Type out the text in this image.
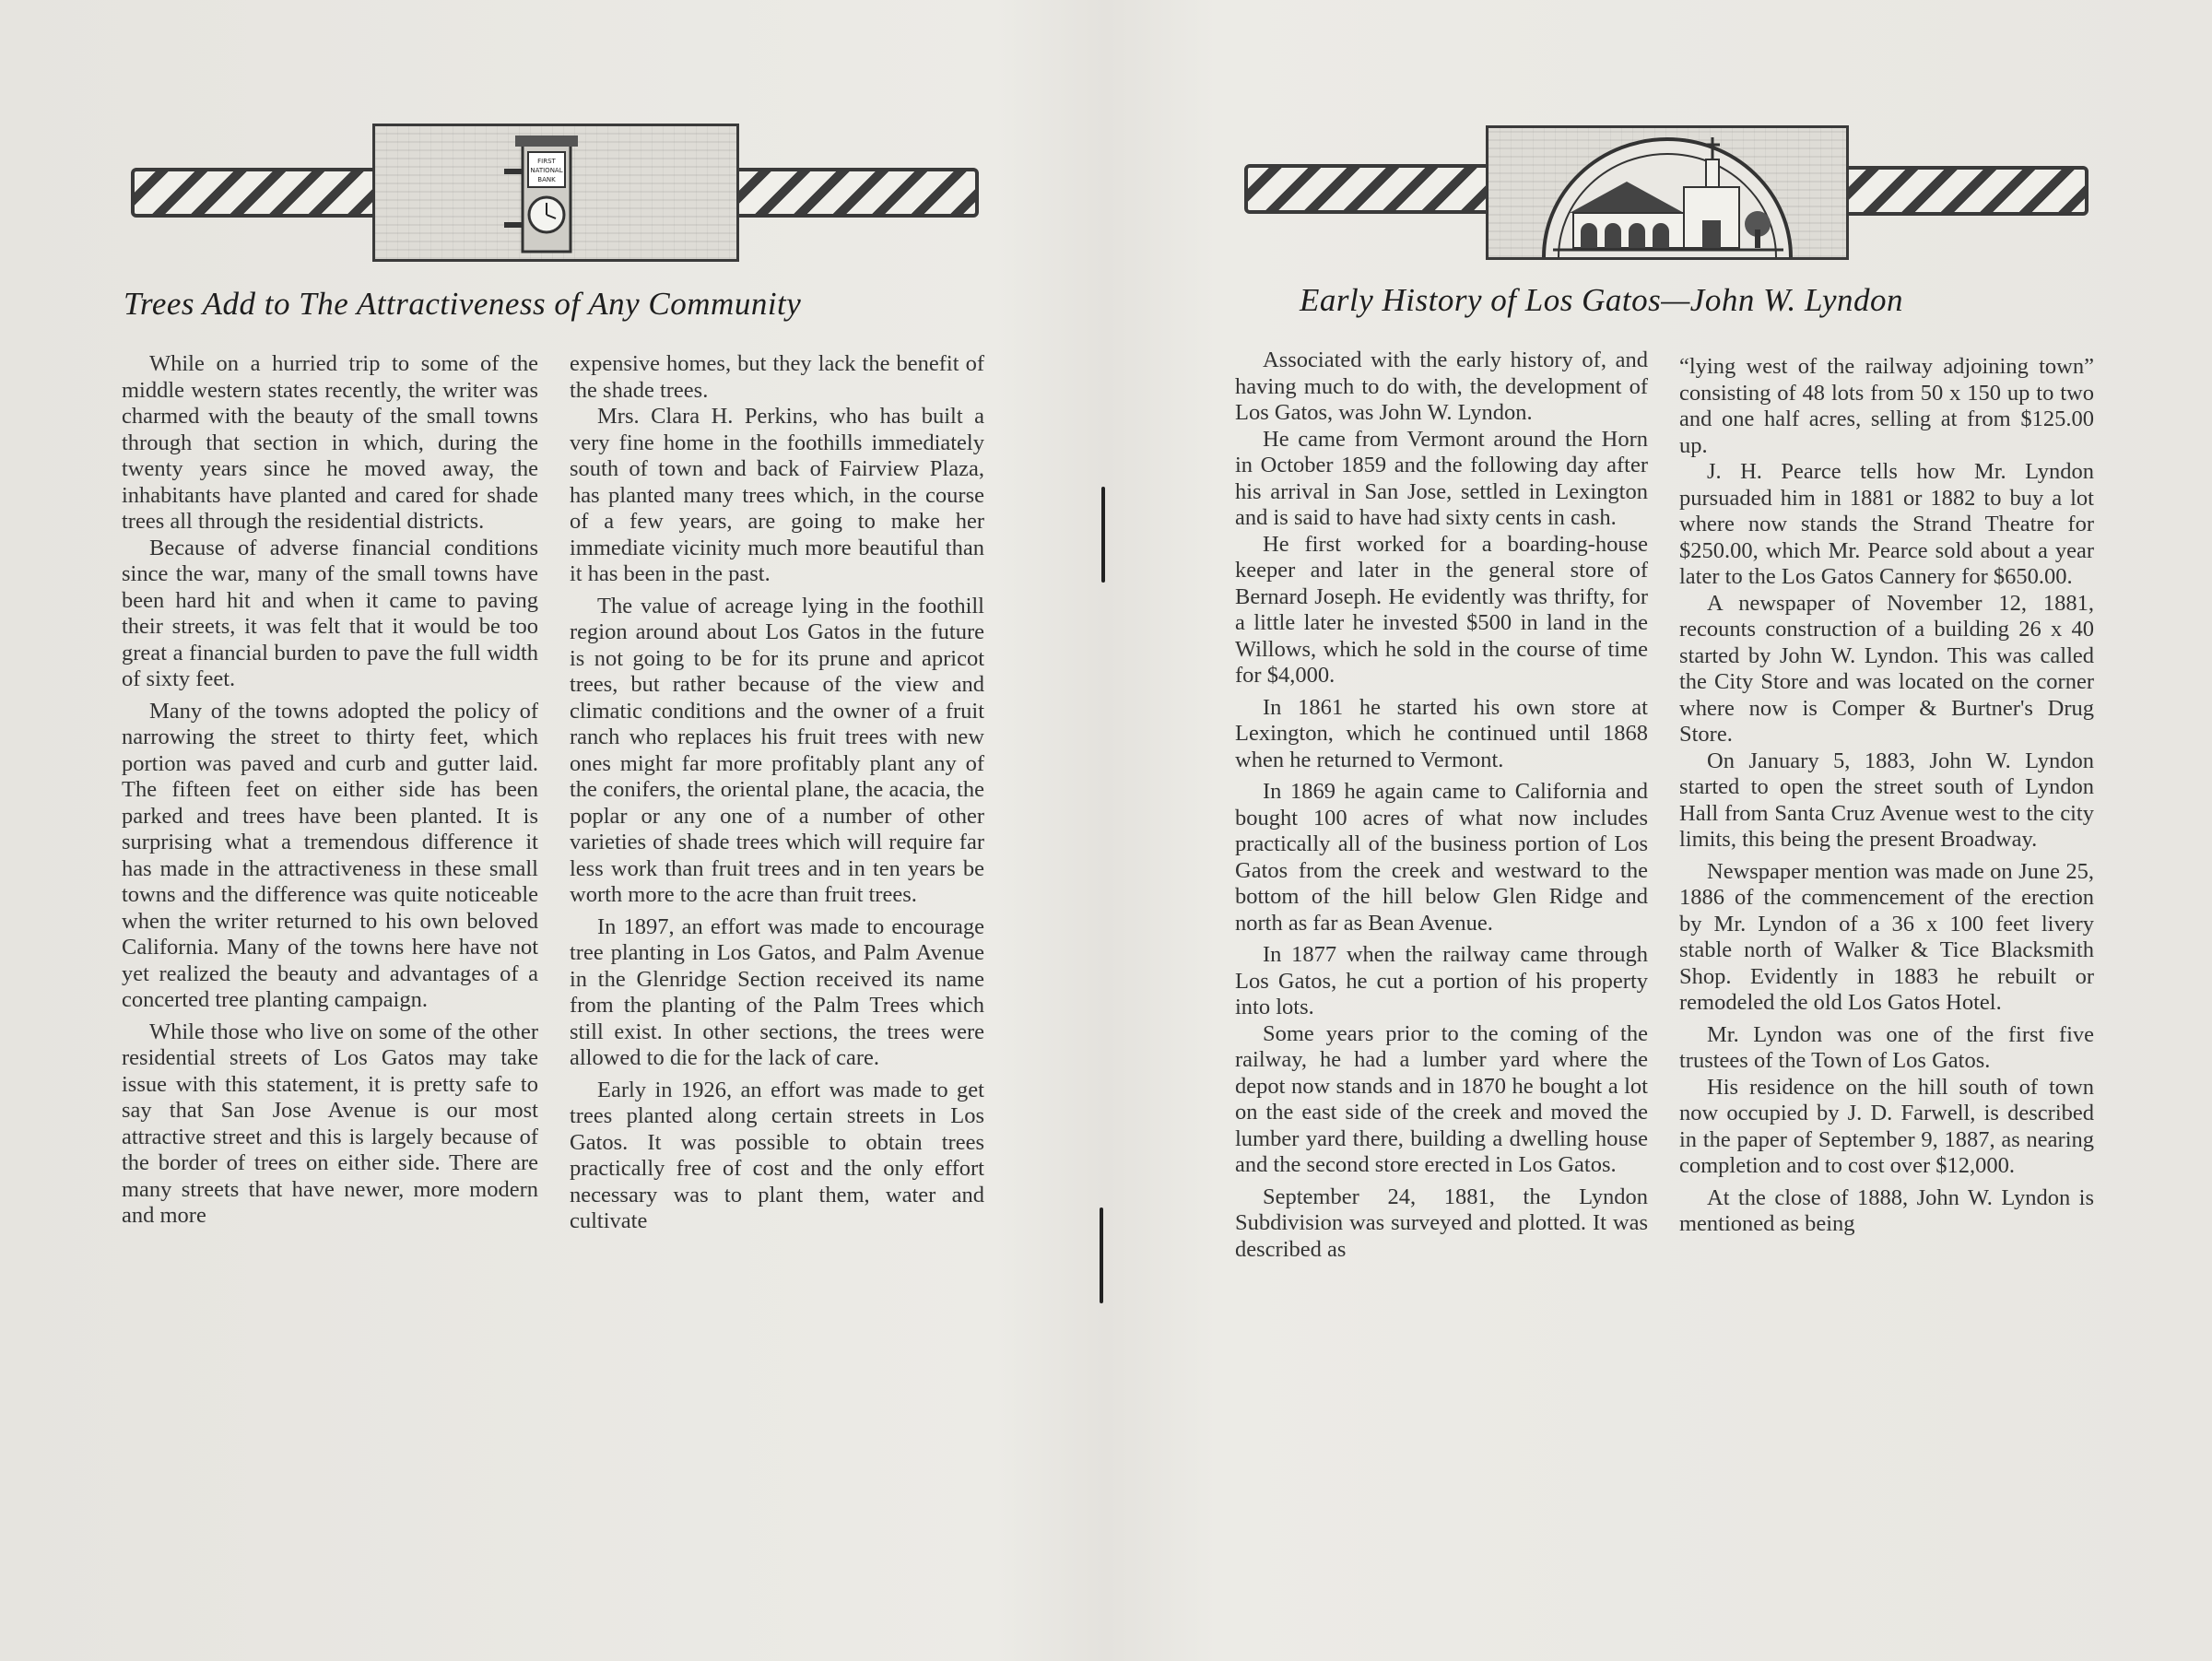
FIRST
NATIONAL
BANK
Trees Add to The Attractiveness of Any Community

While on a hurried trip to some of the middle western states recently, the writer was charmed with the beauty of the small towns through that section in which, during the twenty years since he moved away, the inhabitants have planted and cared for shade trees all through the residential districts.

Because of adverse financial conditions since the war, many of the small towns have been hard hit and when it came to paving their streets, it was felt that it would be too great a financial burden to pave the full width of sixty feet.

Many of the towns adopted the policy of narrowing the street to thirty feet, which portion was paved and curb and gutter laid. The fifteen feet on either side has been parked and trees have been planted. It is surprising what a tremendous difference it has made in the attractiveness in these small towns and the difference was quite noticeable when the writer returned to his own beloved California. Many of the towns here have not yet realized the beauty and advantages of a concerted tree planting campaign.

While those who live on some of the other residential streets of Los Gatos may take issue with this statement, it is pretty safe to say that San Jose Avenue is our most attractive street and this is largely because of the border of trees on either side. There are many streets that have newer, more modern and more

expensive homes, but they lack the benefit of the shade trees.

Mrs. Clara H. Perkins, who has built a very fine home in the foothills immediately south of town and back of Fairview Plaza, has planted many trees which, in the course of a few years, are going to make her immediate vicinity much more beautiful than it has been in the past.

The value of acreage lying in the foothill region around about Los Gatos in the future is not going to be for its prune and apricot trees, but rather because of the view and climatic conditions and the owner of a fruit ranch who replaces his fruit trees with new ones might far more profitably plant any of the conifers, the oriental plane, the acacia, the poplar or any one of a number of other varieties of shade trees which will require far less work than fruit trees and in ten years be worth more to the acre than fruit trees.

In 1897, an effort was made to encourage tree planting in Los Gatos, and Palm Avenue in the Glenridge Section received its name from the planting of the Palm Trees which still exist. In other sections, the trees were allowed to die for the lack of care.

Early in 1926, an effort was made to get trees planted along certain streets in Los Gatos. It was possible to obtain trees practically free of cost and the only effort necessary was to plant them, water and cultivate

Early History of Los Gatos—John W. Lyndon

Associated with the early history of, and having much to do with, the development of Los Gatos, was John W. Lyndon.

He came from Vermont around the Horn in October 1859 and the following day after his arrival in San Jose, settled in Lexington and is said to have had sixty cents in cash.

He first worked for a boarding-house keeper and later in the general store of Bernard Joseph. He evidently was thrifty, for a little later he invested $500 in land in the Willows, which he sold in the course of time for $4,000.

In 1861 he started his own store at Lexington, which he continued until 1868 when he returned to Vermont.

In 1869 he again came to California and bought 100 acres of what now includes practically all of the business portion of Los Gatos from the creek and westward to the bottom of the hill below Glen Ridge and north as far as Bean Avenue.

In 1877 when the railway came through Los Gatos, he cut a portion of his property into lots.

Some years prior to the coming of the railway, he had a lumber yard where the depot now stands and in 1870 he bought a lot on the east side of the creek and moved the lumber yard there, building a dwelling house and the second store erected in Los Gatos.

September 24, 1881, the Lyndon Subdivision was surveyed and plotted. It was described as

“lying west of the railway adjoining town” consisting of 48 lots from 50 x 150 up to two and one half acres, selling at from $125.00 up.

J. H. Pearce tells how Mr. Lyndon pursuaded him in 1881 or 1882 to buy a lot where now stands the Strand Theatre for $250.00, which Mr. Pearce sold about a year later to the Los Gatos Cannery for $650.00.

A newspaper of November 12, 1881, recounts construction of a building 26 x 40 started by John W. Lyndon. This was called the City Store and was located on the corner where now is Comper & Burtner's Drug Store.

On January 5, 1883, John W. Lyndon started to open the street south of Lyndon Hall from Santa Cruz Avenue west to the city limits, this being the present Broadway.

Newspaper mention was made on June 25, 1886 of the commencement of the erection by Mr. Lyndon of a 36 x 100 feet livery stable north of Walker & Tice Blacksmith Shop. Evidently in 1883 he rebuilt or remodeled the old Los Gatos Hotel.

Mr. Lyndon was one of the first five trustees of the Town of Los Gatos.

His residence on the hill south of town now occupied by J. D. Farwell, is described in the paper of September 9, 1887, as nearing completion and to cost over $12,000.

At the close of 1888, John W. Lyndon is mentioned as being
